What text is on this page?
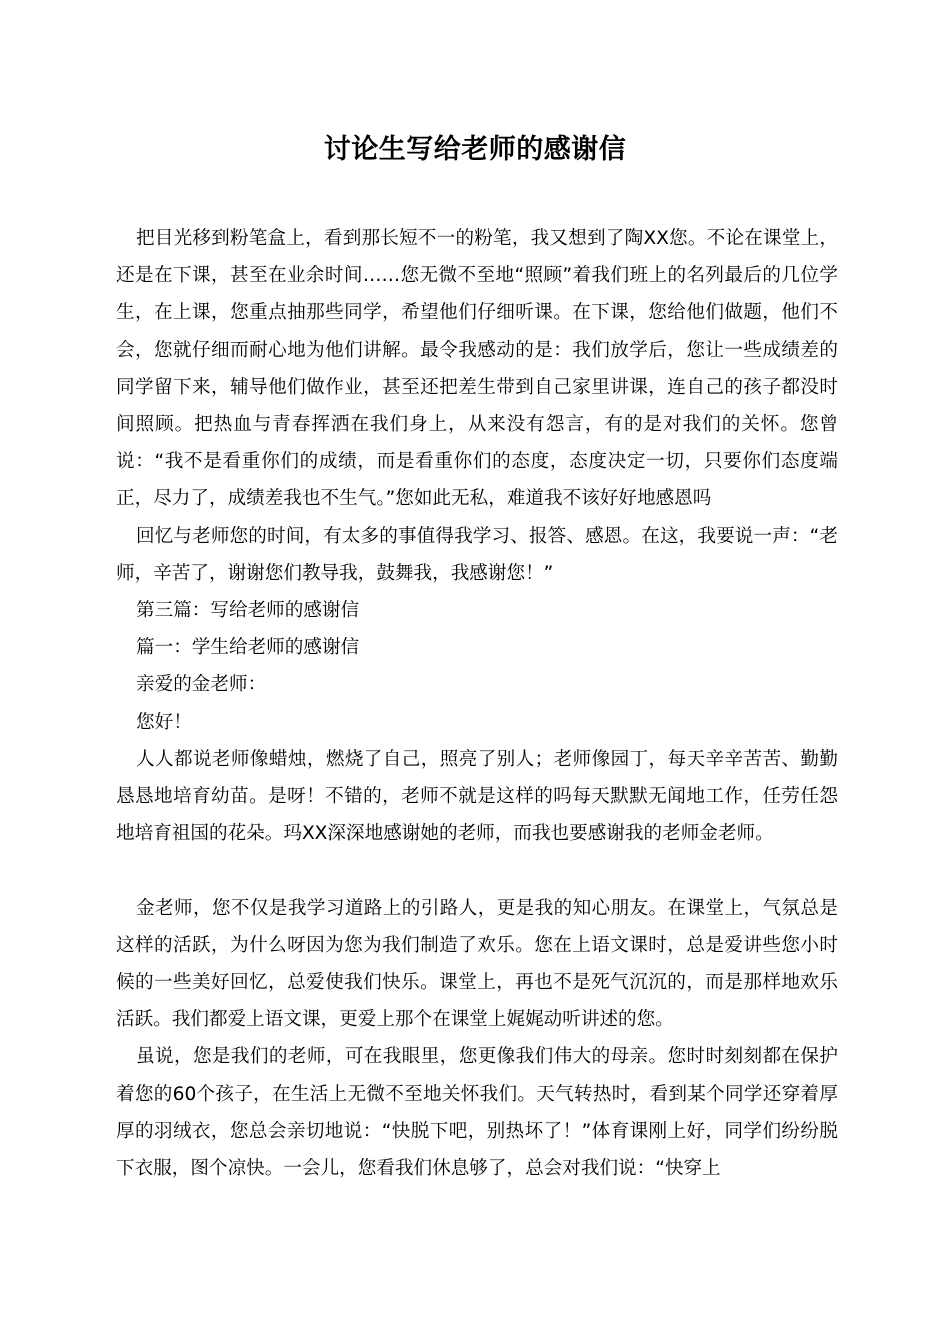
讨论生写给老师的感谢信

把目光移到粉笔盒上，看到那长短不一的粉笔，我又想到了陶XX您。不论在课堂上，还是在下课，甚至在业余时间……您无微不至地“照顾”着我们班上的名列最后的几位学生，在上课，您重点抽那些同学，希望他们仔细听课。在下课，您给他们做题，他们不会，您就仔细而耐心地为他们讲解。最令我感动的是：我们放学后，您让一些成绩差的同学留下来，辅导他们做作业，甚至还把差生带到自己家里讲课，连自己的孩子都没时间照顾。把热血与青春挥洒在我们身上，从来没有怨言，有的是对我们的关怀。您曾说：“我不是看重你们的成绩，而是看重你们的态度，态度决定一切，只要你们态度端正，尽力了，成绩差我也不生气。”您如此无私，难道我不该好好地感恩吗

回忆与老师您的时间，有太多的事值得我学习、报答、感恩。在这，我要说一声：“老师，辛苦了，谢谢您们教导我，鼓舞我，我感谢您！”

第三篇：写给老师的感谢信

篇一：学生给老师的感谢信

亲爱的金老师：

您好！

人人都说老师像蜡烛，燃烧了自己，照亮了别人；老师像园丁，每天辛辛苦苦、勤勤恳恳地培育幼苗。是呀！不错的，老师不就是这样的吗每天默默无闻地工作，任劳任怨地培育祖国的花朵。玛XX深深地感谢她的老师，而我也要感谢我的老师金老师。

金老师，您不仅是我学习道路上的引路人，更是我的知心朋友。在课堂上，气氛总是这样的活跃，为什么呀因为您为我们制造了欢乐。您在上语文课时，总是爱讲些您小时候的一些美好回忆，总爱使我们快乐。课堂上，再也不是死气沉沉的，而是那样地欢乐活跃。我们都爱上语文课，更爱上那个在课堂上娓娓动听讲述的您。

虽说，您是我们的老师，可在我眼里，您更像我们伟大的母亲。您时时刻刻都在保护着您的60个孩子，在生活上无微不至地关怀我们。天气转热时，看到某个同学还穿着厚厚的羽绒衣，您总会亲切地说：“快脱下吧，别热坏了！”体育课刚上好，同学们纷纷脱下衣服，图个凉快。一会儿，您看我们休息够了，总会对我们说：“快穿上
